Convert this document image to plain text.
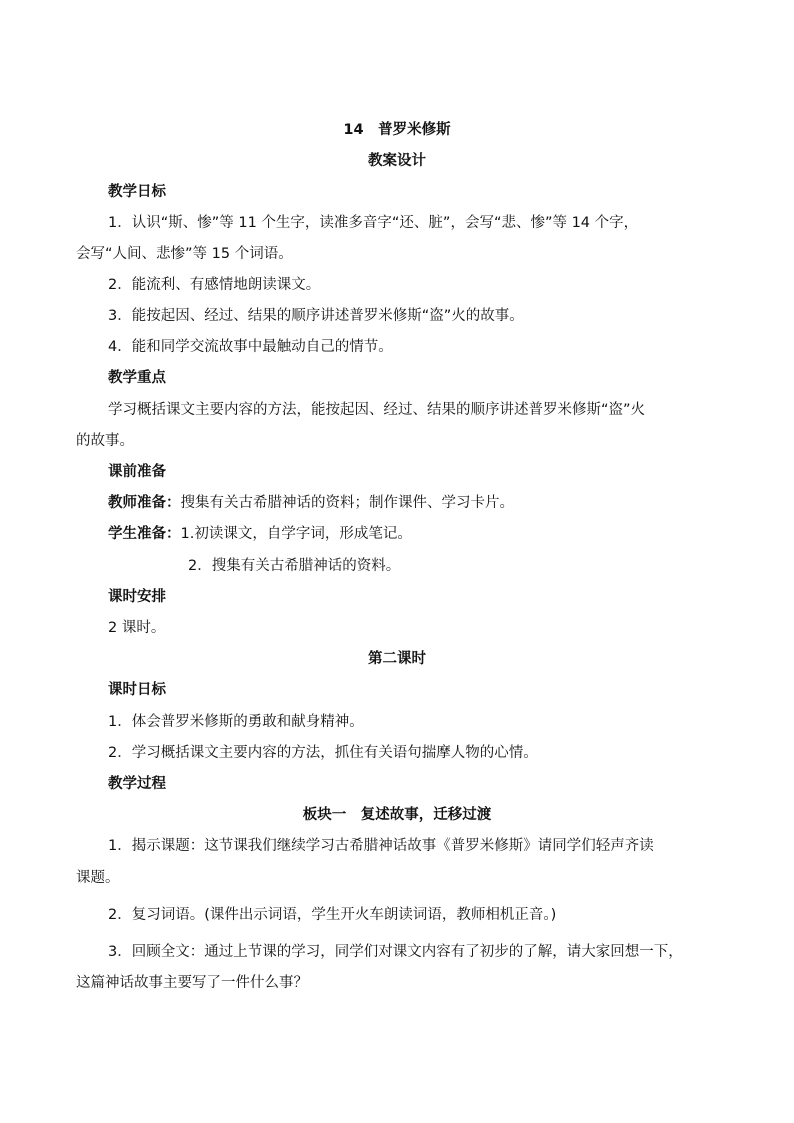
14　普罗米修斯
教案设计
教学日标
1．认识“斯、惨”等 11 个生字，读准多音字“还、脏”，会写“悲、惨”等 14 个字，
会写“人间、悲惨”等 15 个词语。
2．能流利、有感情地朗读课文。
3．能按起因、经过、结果的顺序讲述普罗米修斯“盗”火的故事。
4．能和同学交流故事中最触动自己的情节。
教学重点
学习概括课文主要内容的方法，能按起因、经过、结果的顺序讲述普罗米修斯“盗”火
的故事。
课前准备
教师准备：搜集有关古希腊神话的资料；制作课件、学习卡片。
学生准备：1.初读课文，自学字词，形成笔记。
2．搜集有关古希腊神话的资料。
课时安排
2 课时。
第二课时
课时日标
1．体会普罗米修斯的勇敢和献身精神。
2．学习概括课文主要内容的方法，抓住有关语句揣摩人物的心情。
教学过程
板块一　复述故事，迁移过渡
1．揭示课题：这节课我们继续学习古希腊神话故事《普罗米修斯》请同学们轻声齐读
课题。
2．复习词语。(课件出示词语，学生开火车朗读词语，教师相机正音。)
3．回顾全文：通过上节课的学习，同学们对课文内容有了初步的了解，请大家回想一下，
这篇神话故事主要写了一件什么事？
